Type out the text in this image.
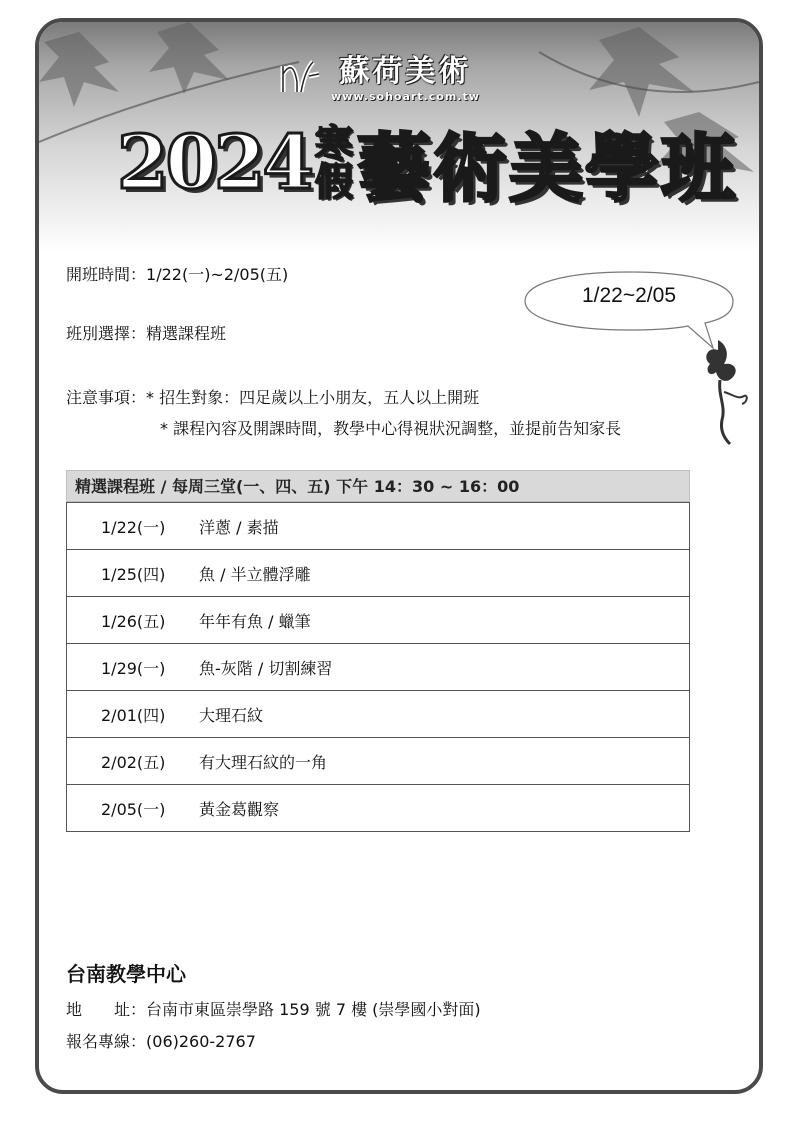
蘇荷美術
www.sohoart.com.tw
2024 寒
假 藝術美學班
開班時間：1/22(一)~2/05(五)
班別選擇：精選課程班
注意事項：* 招生對象：四足歲以上小朋友，五人以上開班
* 課程內容及開課時間，教學中心得視狀況調整，並提前告知家長
1/22~2/05
精選課程班 / 每周三堂(一、四、五) 下午 14：30 ~ 16：00
1/22(一)	洋蔥 / 素描

1/25(四)	魚 / 半立體浮雕

1/26(五)	年年有魚 / 蠟筆

1/29(一)	魚-灰階 / 切割練習

2/01(四)	大理石紋

2/02(五)	有大理石紋的一角

2/05(一)	黃金葛觀察
台南教學中心
地　　址：台南市東區崇學路 159 號 7 樓 (崇學國小對面)
報名專線：(06)260-2767
